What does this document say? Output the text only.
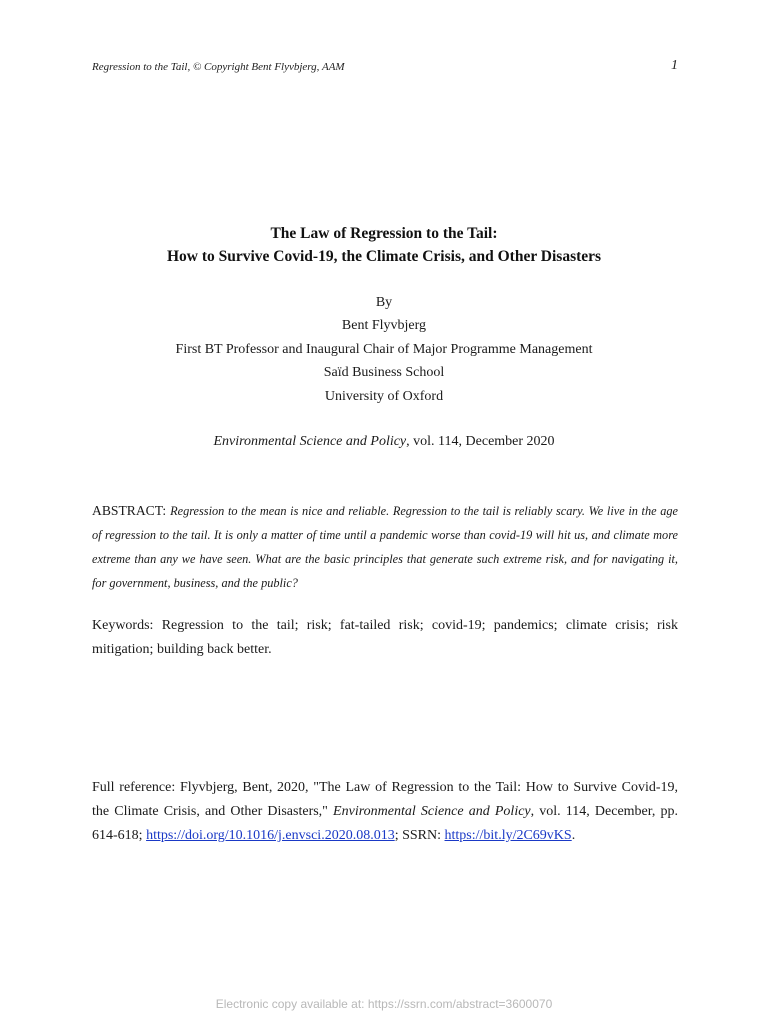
Regression to the Tail, © Copyright Bent Flyvbjerg, AAM	1
The Law of Regression to the Tail:
How to Survive Covid-19, the Climate Crisis, and Other Disasters
By
Bent Flyvbjerg
First BT Professor and Inaugural Chair of Major Programme Management
Saïd Business School
University of Oxford
Environmental Science and Policy, vol. 114, December 2020
ABSTRACT: Regression to the mean is nice and reliable. Regression to the tail is reliably scary. We live in the age of regression to the tail. It is only a matter of time until a pandemic worse than covid-19 will hit us, and climate more extreme than any we have seen. What are the basic principles that generate such extreme risk, and for navigating it, for government, business, and the public?
Keywords: Regression to the tail; risk; fat-tailed risk; covid-19; pandemics; climate crisis; risk mitigation; building back better.
Full reference: Flyvbjerg, Bent, 2020, "The Law of Regression to the Tail: How to Survive Covid-19, the Climate Crisis, and Other Disasters," Environmental Science and Policy, vol. 114, December, pp. 614-618; https://doi.org/10.1016/j.envsci.2020.08.013; SSRN: https://bit.ly/2C69vKS.
Electronic copy available at: https://ssrn.com/abstract=3600070
